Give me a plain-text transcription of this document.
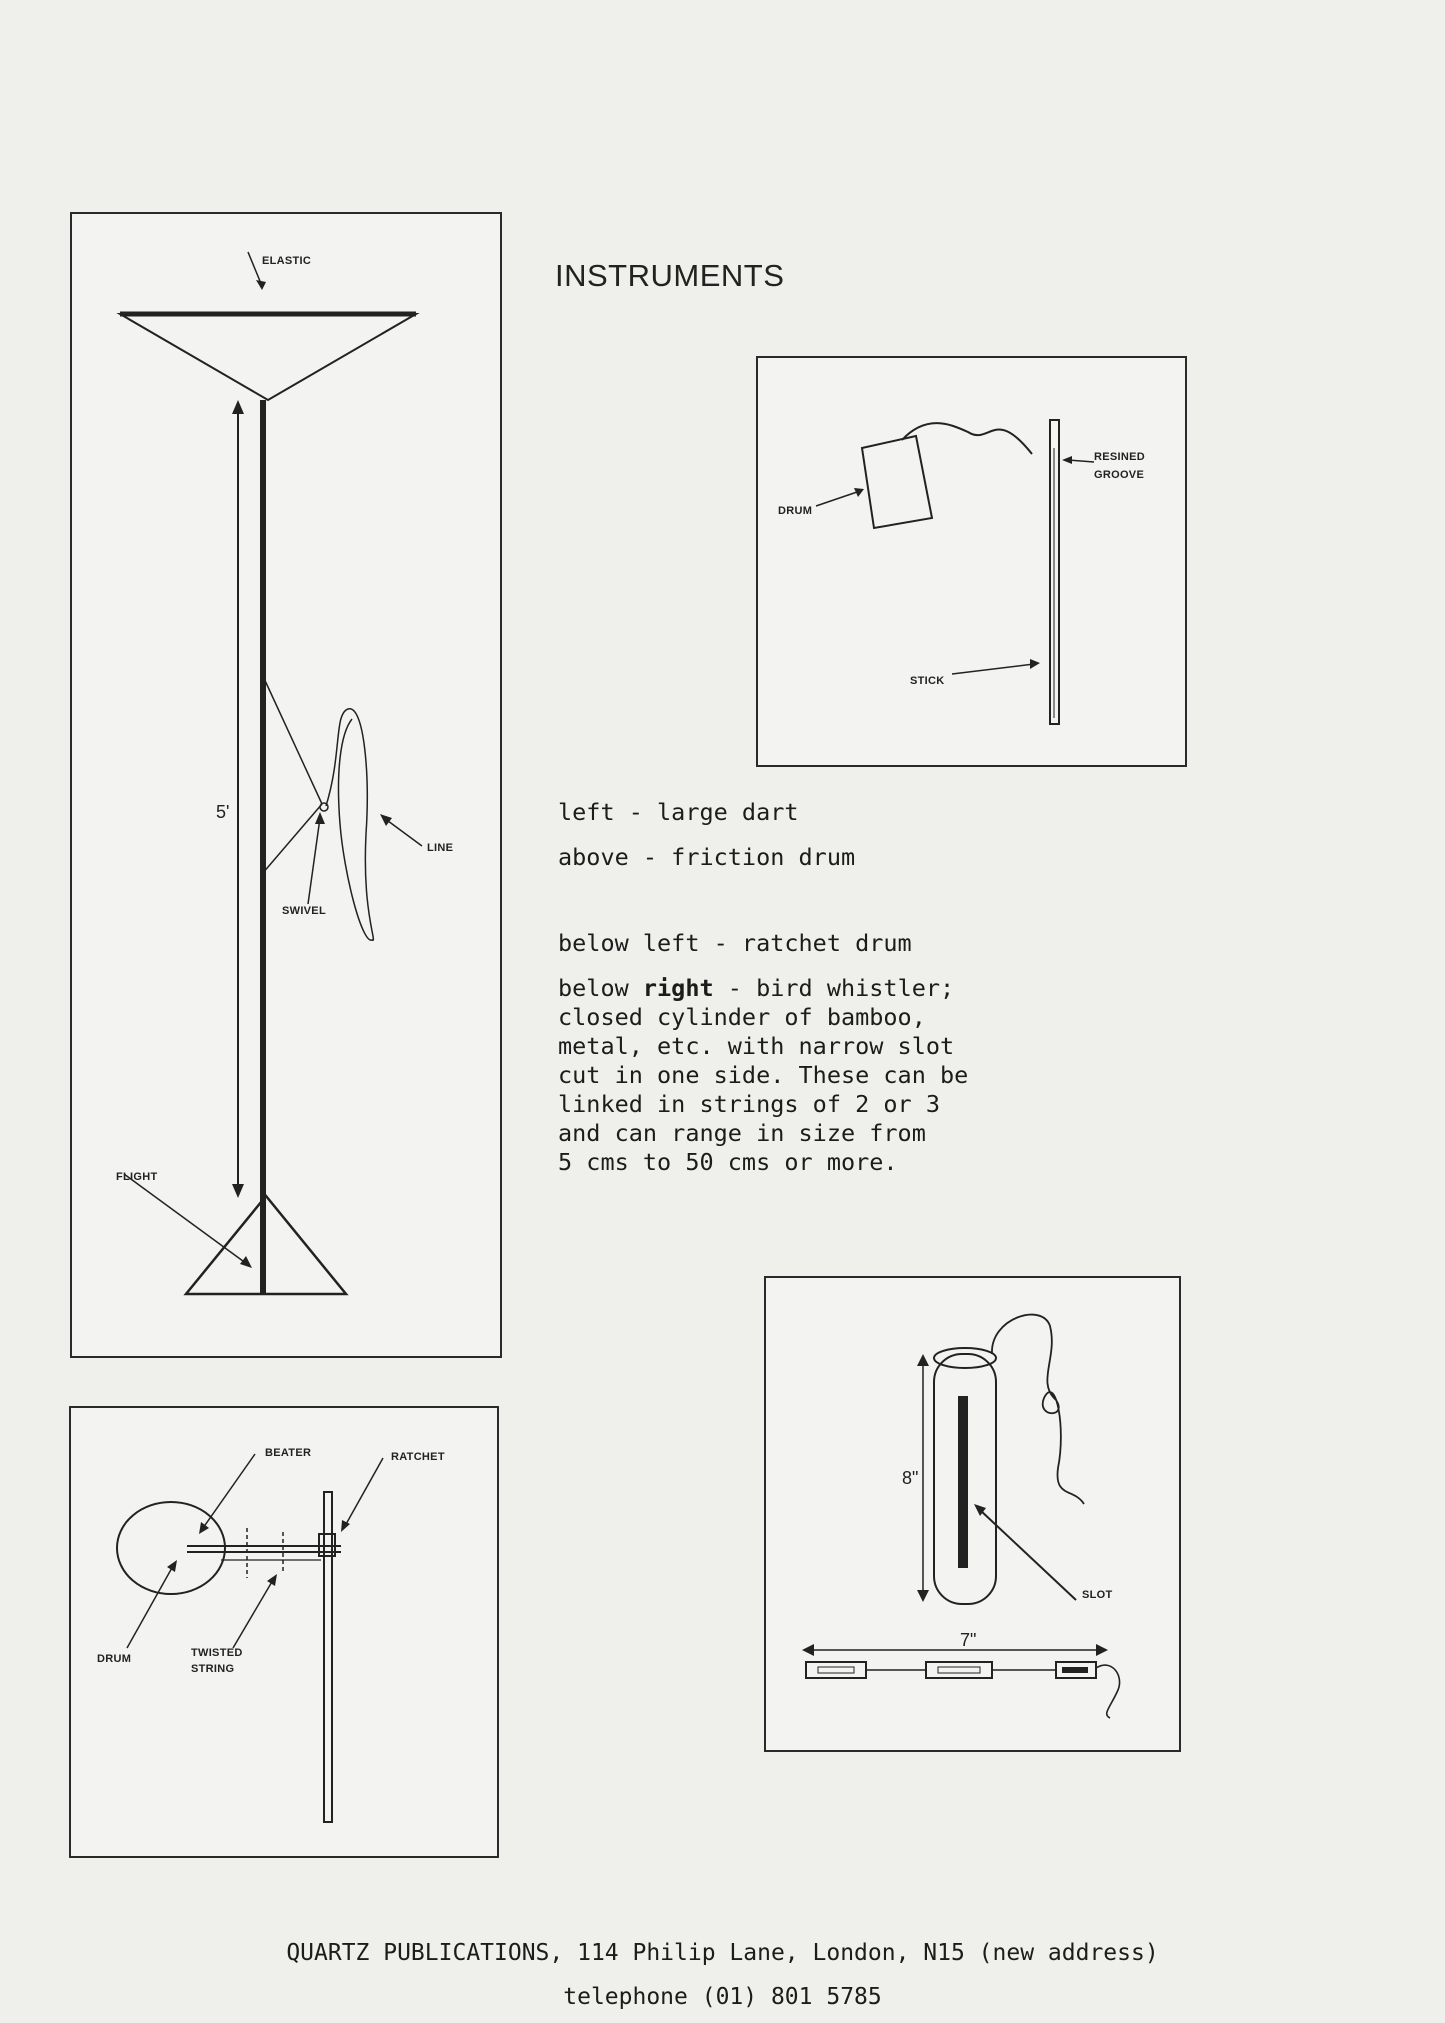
ELASTIC
5'
LINE
SWIVEL
FLIGHT
INSTRUMENTS
DRUM
RESINED
GROOVE
STICK
left - large dart
above - friction drum
below left - ratchet drum
below right - bird whistler;
closed cylinder of bamboo,
metal, etc. with narrow slot
cut in one side. These can be
linked in strings of 2 or 3
and can range in size from
5 cms to 50 cms or more.
BEATER	RATCHET
DRUM	TWISTED
STRING
8"
SLOT
7"
QUARTZ PUBLICATIONS, 114 Philip Lane, London, N15 (new address)
telephone (01) 801 5785
